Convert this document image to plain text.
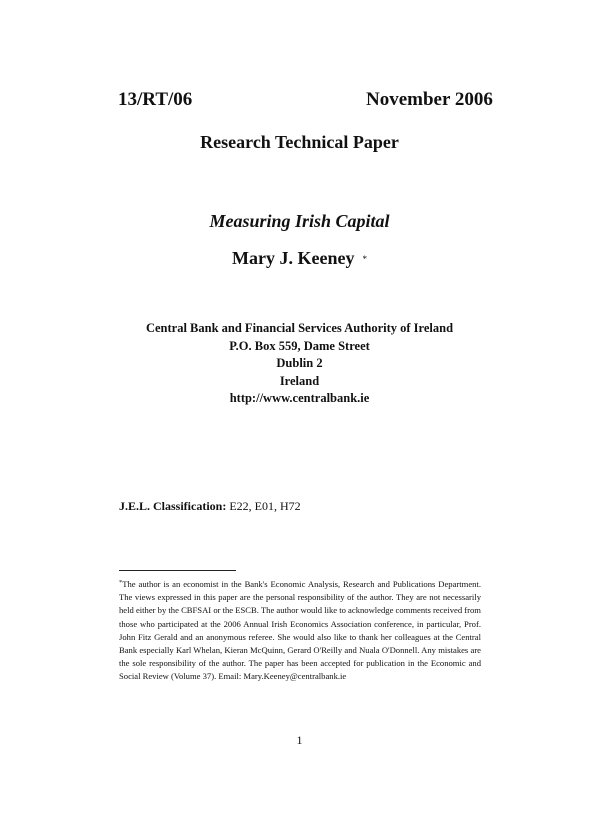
13/RT/06	November 2006
Research Technical Paper
Measuring Irish Capital
Mary J. Keeney *
Central Bank and Financial Services Authority of Ireland
P.O. Box 559, Dame Street
Dublin 2
Ireland
http://www.centralbank.ie
J.E.L. Classification: E22, E01, H72
*The author is an economist in the Bank's Economic Analysis, Research and Publications Department. The views expressed in this paper are the personal responsibility of the author. They are not necessarily held either by the CBFSAI or the ESCB. The author would like to acknowledge comments received from those who participated at the 2006 Annual Irish Economics Association conference, in particular, Prof. John Fitz Gerald and an anonymous referee. She would also like to thank her colleagues at the Central Bank especially Karl Whelan, Kieran McQuinn, Gerard O'Reilly and Nuala O'Donnell. Any mistakes are the sole responsibility of the author. The paper has been accepted for publication in the Economic and Social Review (Volume 37). Email: Mary.Keeney@centralbank.ie
1
